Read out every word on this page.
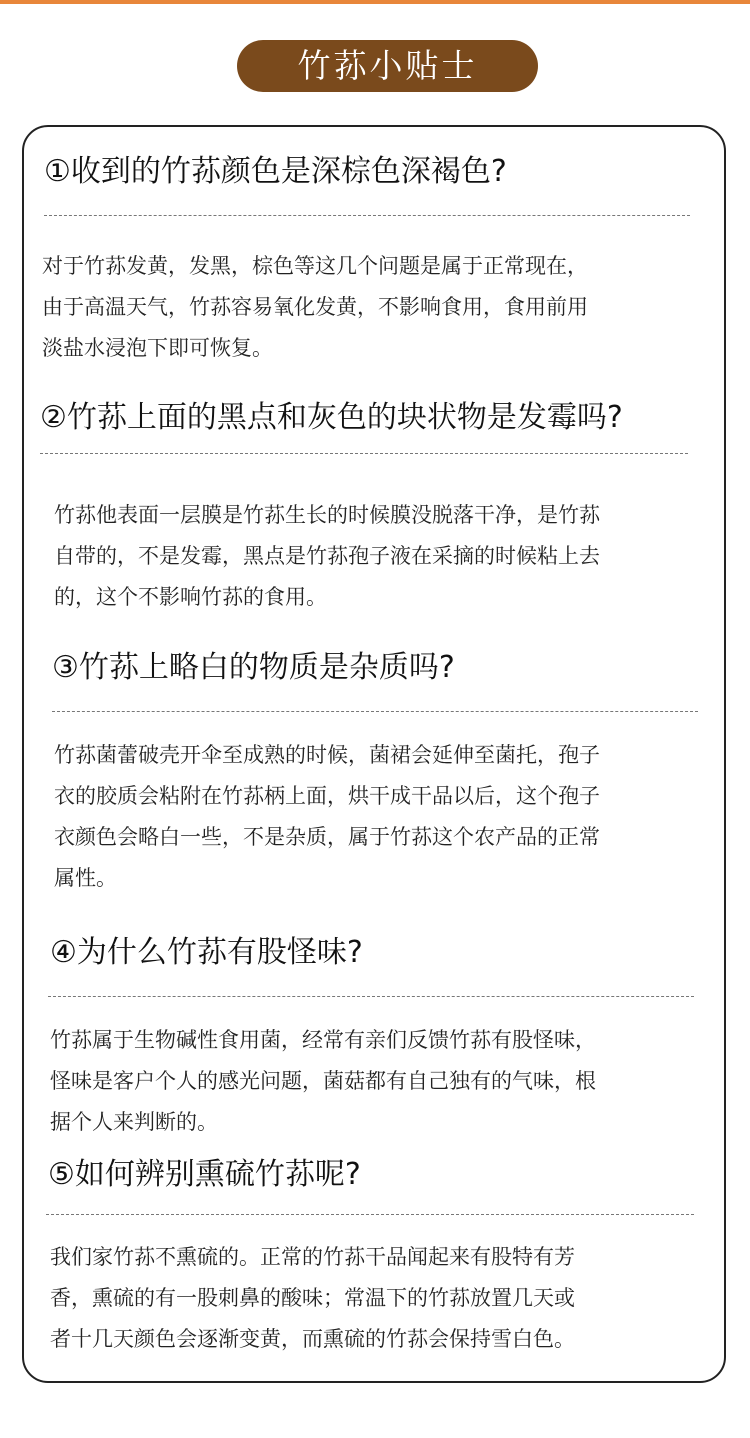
竹荪小贴士
①收到的竹荪颜色是深棕色深褐色?

对于竹荪发黄，发黑，棕色等这几个问题是属于正常现在，

由于高温天气，竹荪容易氧化发黄，不影响食用，食用前用

淡盐水浸泡下即可恢复。

②竹荪上面的黑点和灰色的块状物是发霉吗?

竹荪他表面一层膜是竹荪生长的时候膜没脱落干净，是竹荪

自带的，不是发霉，黑点是竹荪孢子液在采摘的时候粘上去

的，这个不影响竹荪的食用。

③竹荪上略白的物质是杂质吗?

竹荪菌蕾破壳开伞至成熟的时候，菌裙会延伸至菌托，孢子

衣的胶质会粘附在竹荪柄上面，烘干成干品以后，这个孢子

衣颜色会略白一些，不是杂质，属于竹荪这个农产品的正常

属性。

④为什么竹荪有股怪味?

竹荪属于生物碱性食用菌，经常有亲们反馈竹荪有股怪味，

怪味是客户个人的感光问题，菌菇都有自己独有的气味，根

据个人来判断的。

⑤如何辨别熏硫竹荪呢?

我们家竹荪不熏硫的。正常的竹荪干品闻起来有股特有芳

香，熏硫的有一股刺鼻的酸味；常温下的竹荪放置几天或

者十几天颜色会逐渐变黄，而熏硫的竹荪会保持雪白色。
